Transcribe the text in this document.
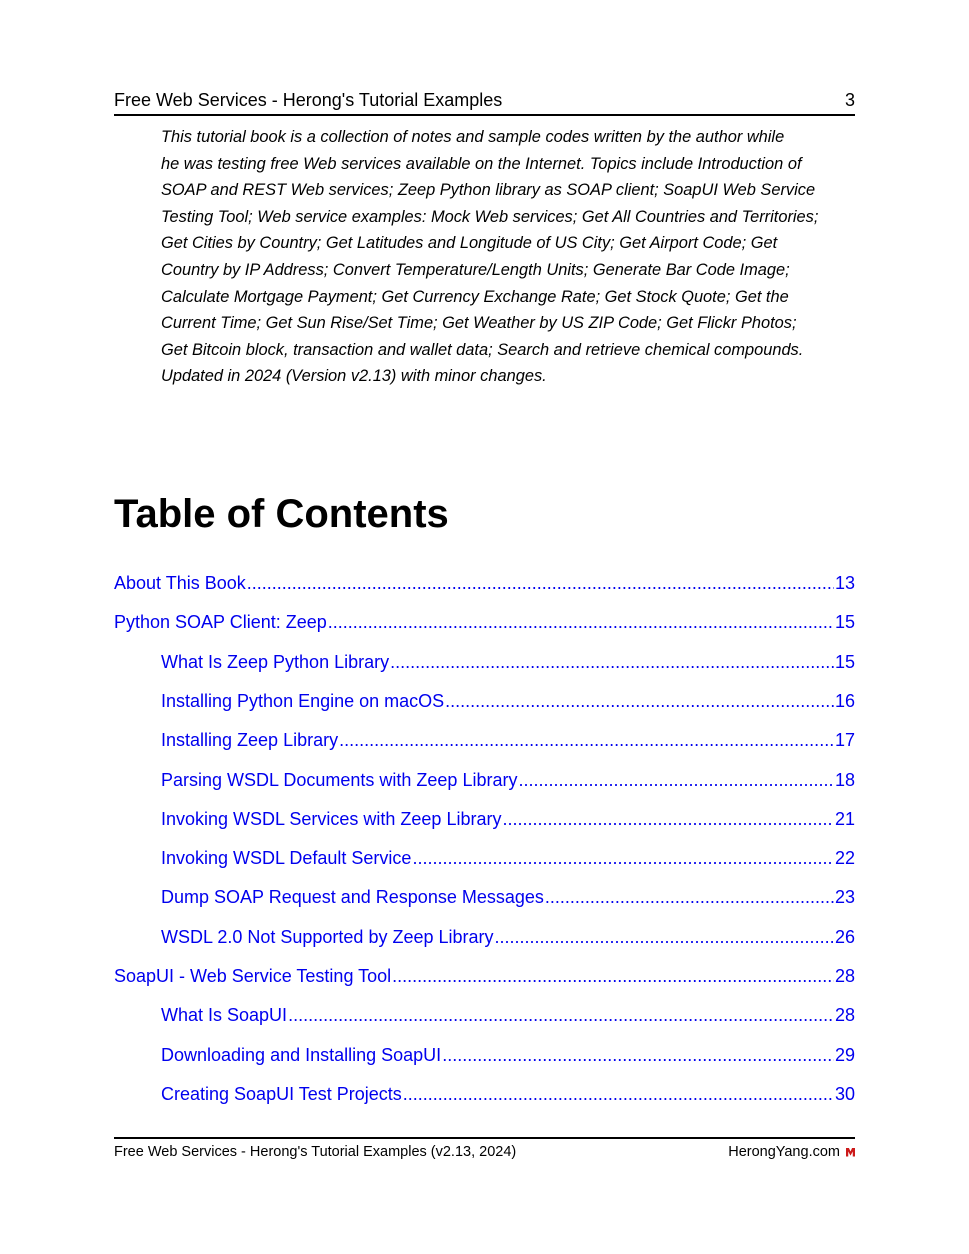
Free Web Services - Herong's Tutorial Examples	3
This tutorial book is a collection of notes and sample codes written by the author while
he was testing free Web services available on the Internet. Topics include Introduction of
SOAP and REST Web services; Zeep Python library as SOAP client; SoapUI Web Service
Testing Tool; Web service examples: Mock Web services; Get All Countries and Territories;
Get Cities by Country; Get Latitudes and Longitude of US City; Get Airport Code; Get
Country by IP Address; Convert Temperature/Length Units; Generate Bar Code Image;
Calculate Mortgage Payment; Get Currency Exchange Rate; Get Stock Quote; Get the
Current Time; Get Sun Rise/Set Time; Get Weather by US ZIP Code; Get Flickr Photos;
Get Bitcoin block, transaction and wallet data; Search and retrieve chemical compounds.
Updated in 2024 (Version v2.13) with minor changes.
Table of Contents
About This Book .....	13
Python SOAP Client: Zeep .....	15
What Is Zeep Python Library .....	15
Installing Python Engine on macOS .....	16
Installing Zeep Library .....	17
Parsing WSDL Documents with Zeep Library .....	18
Invoking WSDL Services with Zeep Library .....	21
Invoking WSDL Default Service .....	22
Dump SOAP Request and Response Messages .....	23
WSDL 2.0 Not Supported by Zeep Library .....	26
SoapUI - Web Service Testing Tool .....	28
What Is SoapUI .....	28
Downloading and Installing SoapUI .....	29
Creating SoapUI Test Projects .....	30
Free Web Services - Herong's Tutorial Examples (v2.13, 2024)	HerongYang.com
